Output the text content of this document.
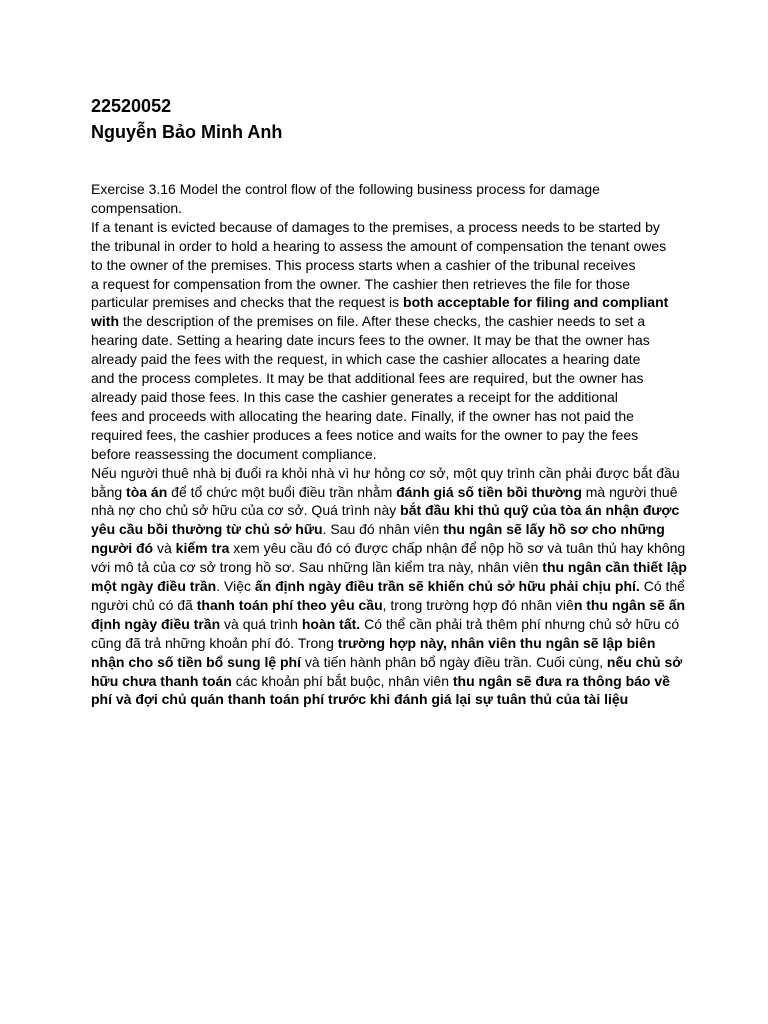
22520052

Nguyễn Bảo Minh Anh

Exercise 3.16 Model the control flow of the following business process for damage

compensation.

If a tenant is evicted because of damages to the premises, a process needs to be started by

the tribunal in order to hold a hearing to assess the amount of compensation the tenant owes

to the owner of the premises. This process starts when a cashier of the tribunal receives

a request for compensation from the owner. The cashier then retrieves the file for those

particular premises and checks that the request is both acceptable for filing and compliant

with the description of the premises on file. After these checks, the cashier needs to set a

hearing date. Setting a hearing date incurs fees to the owner. It may be that the owner has

already paid the fees with the request, in which case the cashier allocates a hearing date

and the process completes. It may be that additional fees are required, but the owner has

already paid those fees. In this case the cashier generates a receipt for the additional

fees and proceeds with allocating the hearing date. Finally, if the owner has not paid the

required fees, the cashier produces a fees notice and waits for the owner to pay the fees

before reassessing the document compliance.

Nếu người thuê nhà bị đuổi ra khỏi nhà vì hư hỏng cơ sở, một quy trình cần phải được bắt đầu

bằng tòa án để tổ chức một buổi điều trần nhằm đánh giá số tiền bồi thường mà người thuê

nhà nợ cho chủ sở hữu của cơ sở. Quá trình này bắt đầu khi thủ quỹ của tòa án nhận được

yêu cầu bồi thường từ chủ sở hữu. Sau đó nhân viên thu ngân sẽ lấy hồ sơ cho những

người đó và kiểm tra xem yêu cầu đó có được chấp nhận để nộp hồ sơ và tuân thủ hay không

với mô tả của cơ sở trong hồ sơ. Sau những lần kiểm tra này, nhân viên thu ngân cần thiết lập

một ngày điều trần. Việc ấn định ngày điều trần sẽ khiến chủ sở hữu phải chịu phí. Có thể

người chủ có đã thanh toán phí theo yêu cầu, trong trường hợp đó nhân viên thu ngân sẽ ấn

định ngày điều trần và quá trình hoàn tất. Có thể cần phải trả thêm phí nhưng chủ sở hữu có

cũng đã trả những khoản phí đó. Trong trường hợp này, nhân viên thu ngân sẽ lập biên

nhận cho số tiền bổ sung lệ phí và tiến hành phân bổ ngày điều trần. Cuối cùng, nếu chủ sở

hữu chưa thanh toán các khoản phí bắt buộc, nhân viên thu ngân sẽ đưa ra thông báo về

phí và đợi chủ quán thanh toán phí trước khi đánh giá lại sự tuân thủ của tài liệu
